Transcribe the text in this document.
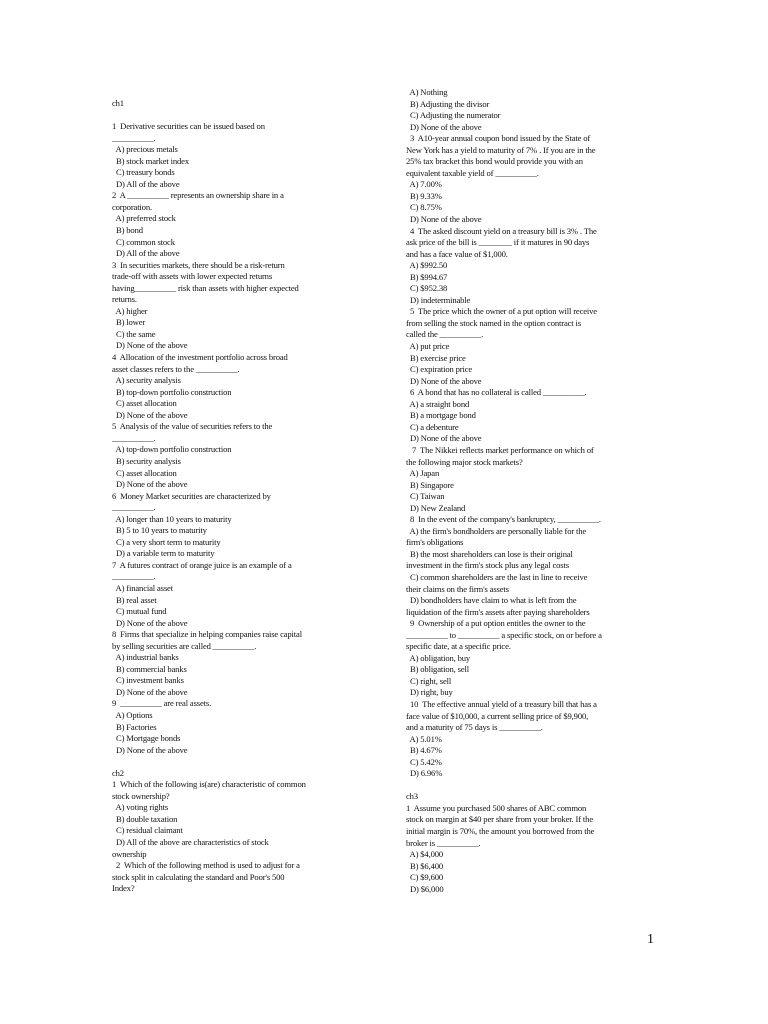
ch1
1  Derivative securities can be issued based on
__________.
A) precious metals
B) stock market index
C) treasury bonds
D) All of the above
2  A __________ represents an ownership share in a
corporation.
A) preferred stock
B) bond
C) common stock
D) All of the above
3  In securities markets, there should be a risk-return
trade-off with assets with lower expected returns
having__________ risk than assets with higher expected
returns.
A) higher
B) lower
C) the same
D) None of the above
4  Allocation of the investment portfolio across broad
asset classes refers to the __________.
A) security analysis
B) top-down portfolio construction
C) asset allocation
D) None of the above
5  Analysis of the value of securities refers to the
__________.
A) top-down portfolio construction
B) security analysis
C) asset allocation
D) None of the above
6  Money Market securities are characterized by
__________.
A) longer than 10 years to maturity
B) 5 to 10 years to maturity
C) a very short term to maturity
D) a variable term to maturity
7  A futures contract of orange juice is an example of a
__________.
A) financial asset
B) real asset
C) mutual fund
D) None of the above
8  Firms that specialize in helping companies raise capital
by selling securities are called __________.
A) industrial banks
B) commercial banks
C) investment banks
D) None of the above
9  __________ are real assets.
A) Options
B) Factories
C) Mortgage bonds
D) None of the above
ch2
1  Which of the following is(are) characteristic of common
stock ownership?
A) voting rights
B) double taxation
C) residual claimant
D) All of the above are characteristics of stock
ownership
2  Which of the following method is used to adjust for a
stock split in calculating the standard and Poor's 500
Index?
A) Nothing
B) Adjusting the divisor
C) Adjusting the numerator
D) None of the above
3  A10-year annual coupon bond issued by the State of
New York has a yield to maturity of 7% . If you are in the
25% tax bracket this bond would provide you with an
equivalent taxable yield of __________.
A) 7.00%
B) 9.33%
C) 8.75%
D) None of the above
4  The asked discount yield on a treasury bill is 3% . The
ask price of the bill is ________ if it matures in 90 days
and has a face value of $1,000.
A) $992.50
B) $994.67
C) $952.38
D) indeterminable
5  The price which the owner of a put option will receive
from selling the stock named in the option contract is
called the __________.
A) put price
B) exercise price
C) expiration price
D) None of the above
6  A bond that has no collateral is called __________.
A) a straight bond
B) a mortgage bond
C) a debenture
D) None of the above
7  The Nikkei reflects market performance on which of
the following major stock markets?
A) Japan
B) Singapore
C) Taiwan
D) New Zealand
8  In the event of the company's bankruptcy, __________.
A) the firm's bondholders are personally liable for the
firm's obligations
B) the most shareholders can lose is their original
investment in the firm's stock plus any legal costs
C) common shareholders are the last in line to receive
their claims on the firm's assets
D) bondholders have claim to what is left from the
liquidation of the firm's assets after paying shareholders
9  Ownership of a put option entitles the owner to the
__________ to __________ a specific stock, on or before a
specific date, at a specific price.
A) obligation, buy
B) obligation, sell
C) right, sell
D) right, buy
10  The effective annual yield of a treasury bill that has a
face value of $10,000, a current selling price of $9,900,
and a maturity of 75 days is __________.
A) 5.01%
B) 4.67%
C) 5.42%
D) 6.96%
ch3
1  Assume you purchased 500 shares of ABC common
stock on margin at $40 per share from your broker. If the
initial margin is 70%, the amount you borrowed from the
broker is __________.
A) $4,000
B) $6,400
C) $9,600
D) $6,000
1
